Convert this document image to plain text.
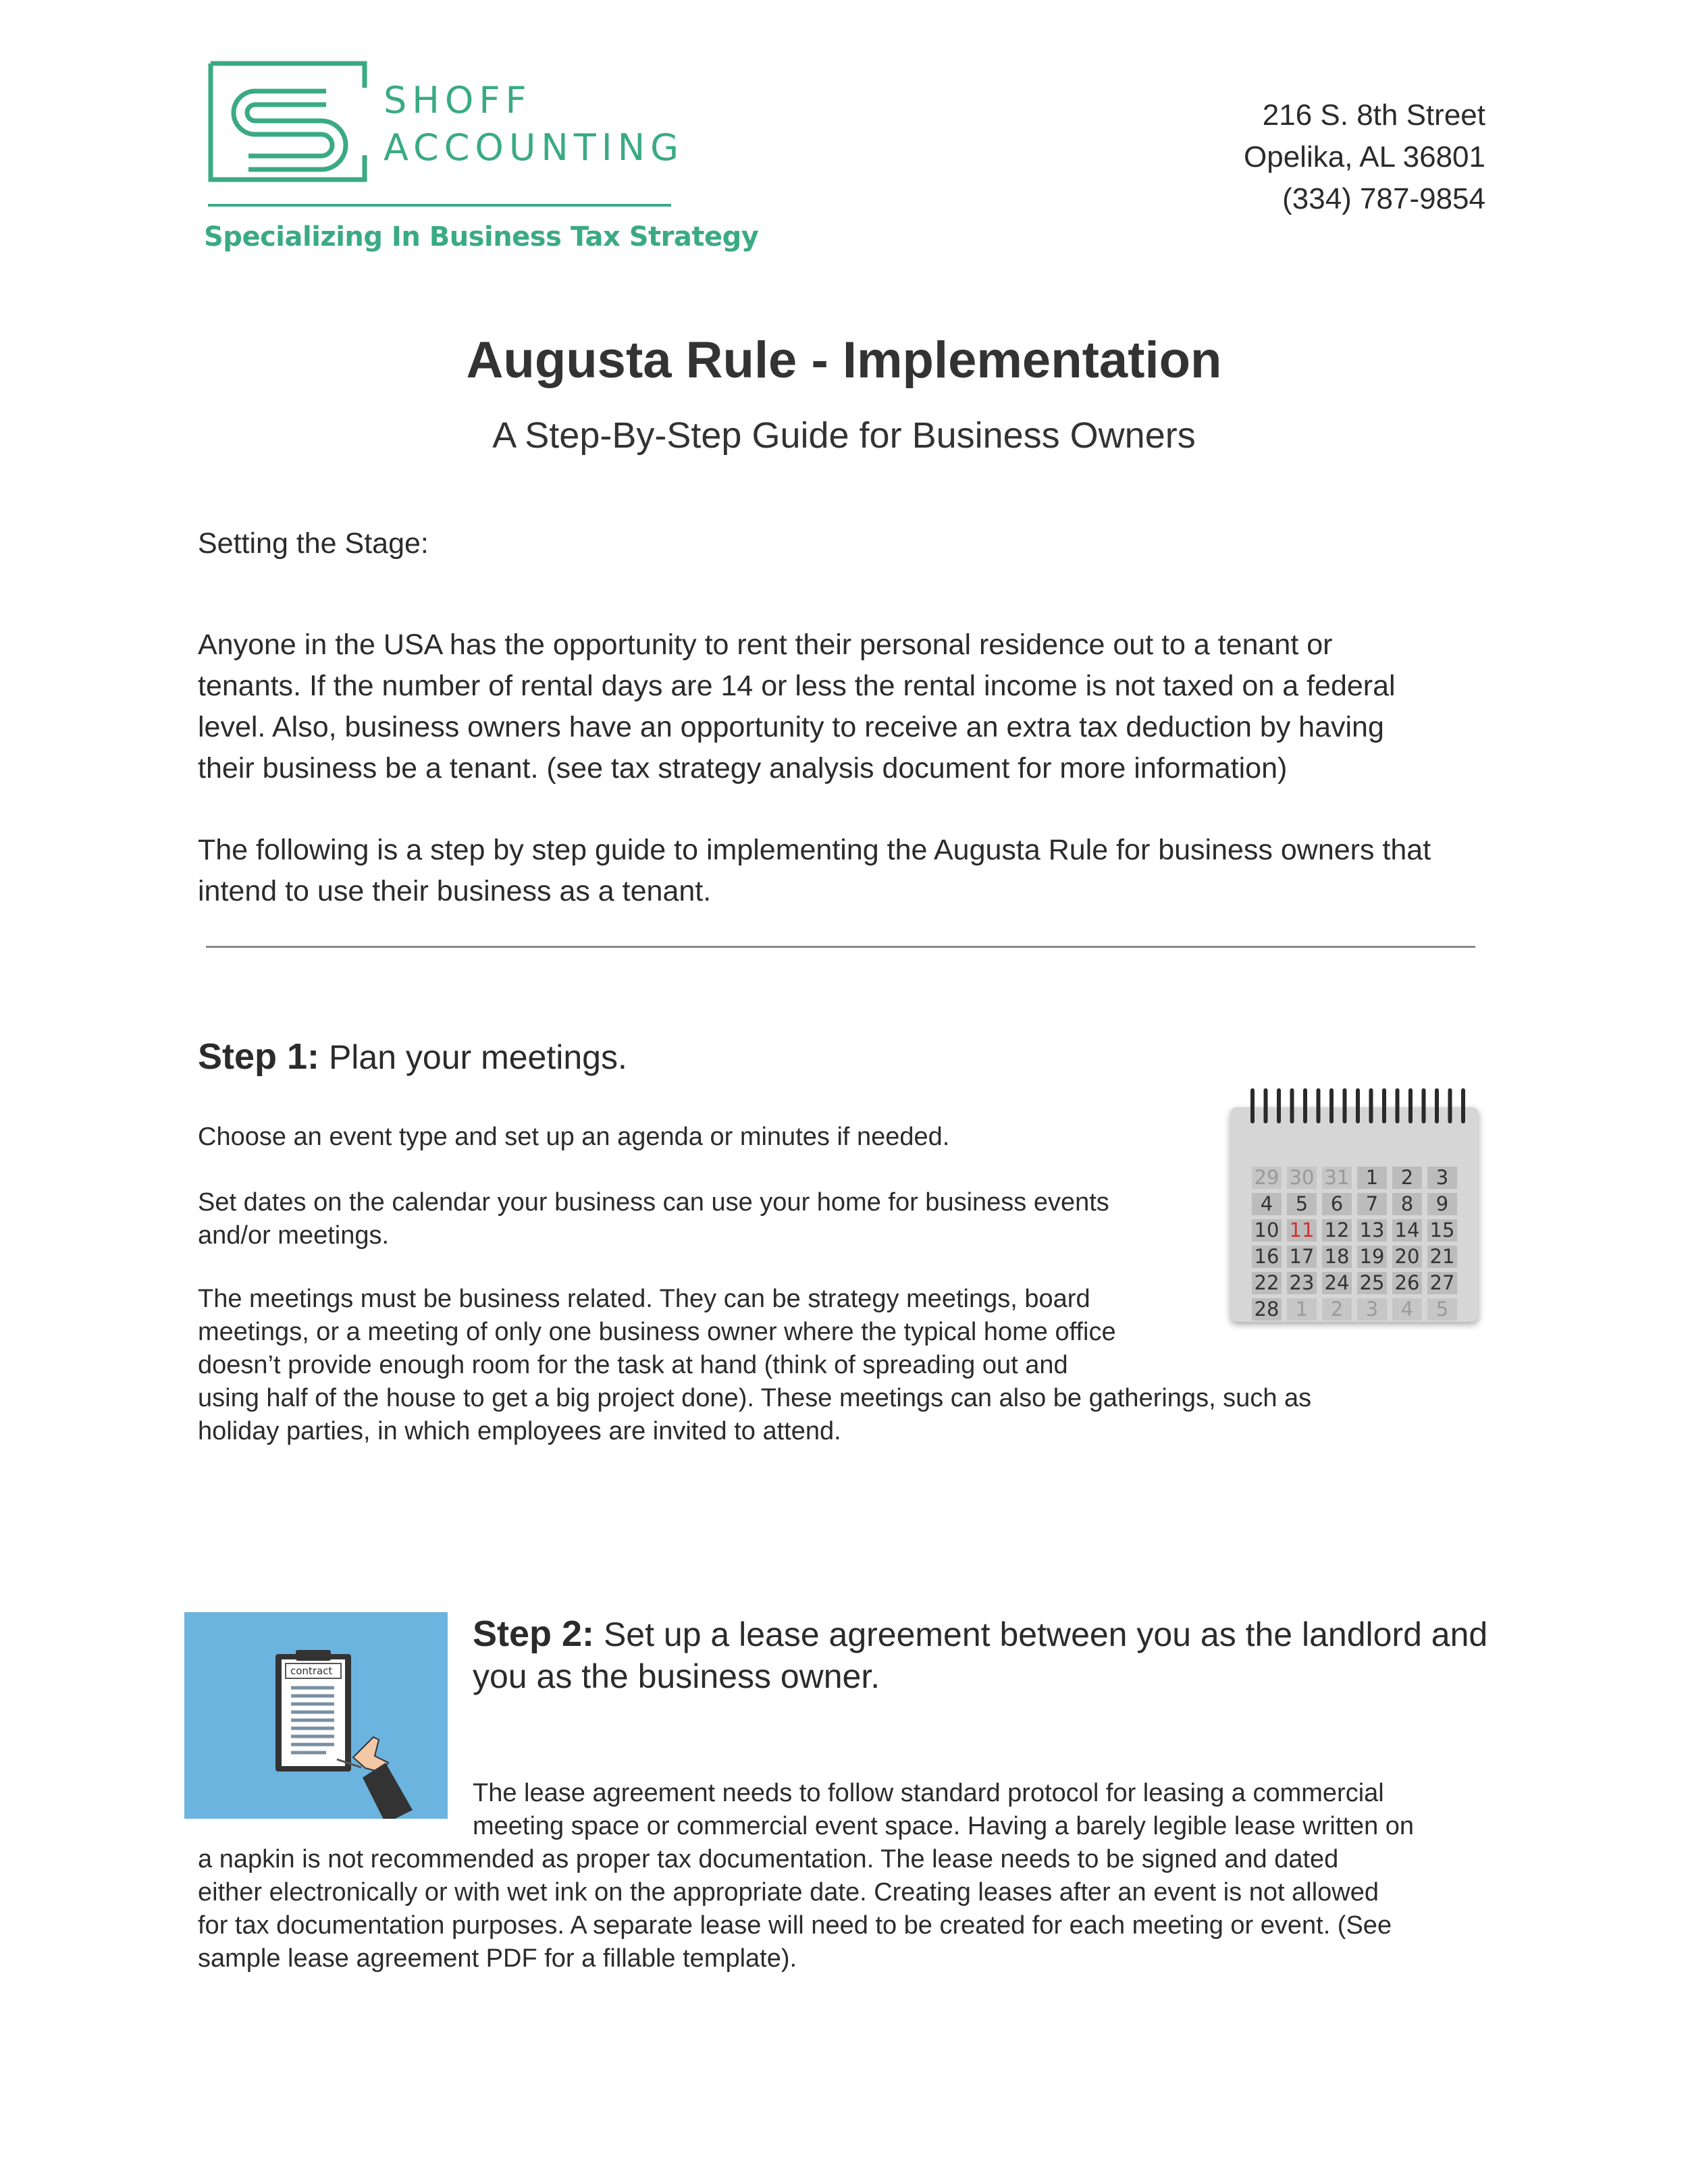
SHOFF
ACCOUNTING
Specializing In Business Tax Strategy
216 S. 8th Street
Opelika, AL 36801
(334) 787-9854
Augusta Rule - Implementation
A Step-By-Step Guide for Business Owners
Setting the Stage:
Anyone in the USA has the opportunity to rent their personal residence out to a tenant or
tenants. If the number of rental days are 14 or less the rental income is not taxed on a federal
level. Also, business owners have an opportunity to receive an extra tax deduction by having
their business be a tenant. (see tax strategy analysis document for more information)
The following is a step by step guide to implementing the Augusta Rule for business owners that
intend to use their business as a tenant.
Step 1: Plan your meetings.
Choose an event type and set up an agenda or minutes if needed.
Set dates on the calendar your business can use your home for business events
and/or meetings.
The meetings must be business related. They can be strategy meetings, board
meetings, or a meeting of only one business owner where the typical home office
doesn’t provide enough room for the task at hand (think of spreading out and
using half of the house to get a big project done). These meetings can also be gatherings, such as
holiday parties, in which employees are invited to attend.
29 30 31 1	2	3
4	5	6	7	8	9
10 11 12 13 14 15
16 17 18 19 20 21
22 23 24 25 26 27
28 1	2	3	4	5
contract
Step 2: Set up a lease agreement between you as the landlord and
you as the business owner.
The lease agreement needs to follow standard protocol for leasing a commercial
meeting space or commercial event space. Having a barely legible lease written on
a napkin is not recommended as proper tax documentation. The lease needs to be signed and dated
either electronically or with wet ink on the appropriate date. Creating leases after an event is not allowed
for tax documentation purposes. A separate lease will need to be created for each meeting or event. (See
sample lease agreement PDF for a fillable template).
